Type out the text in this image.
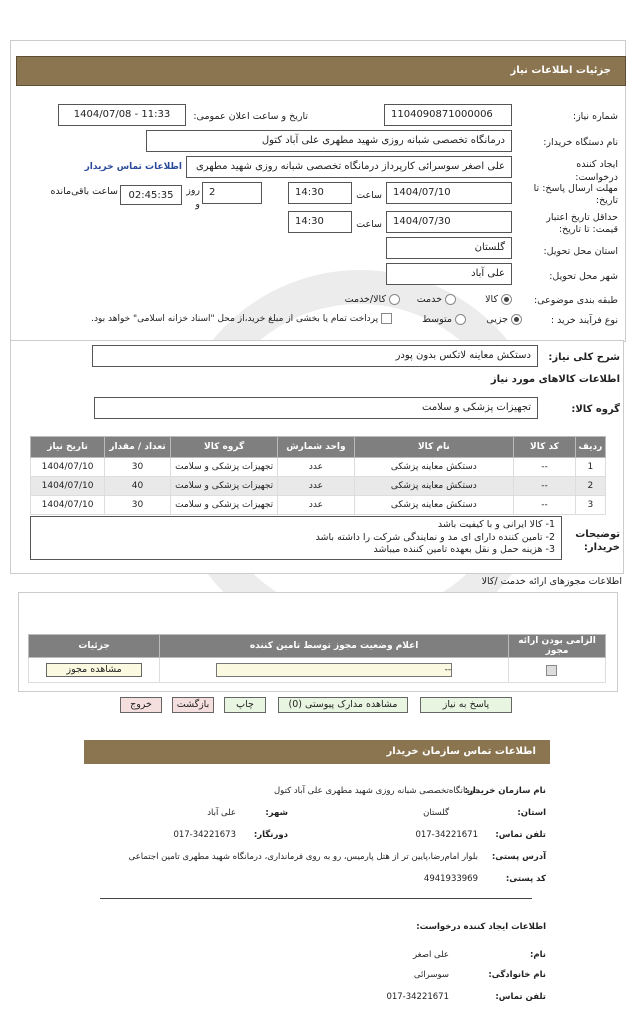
جزئیات اطلاعات نیاز
شماره نیاز:
1104090871000006
تاریخ و ساعت اعلان عمومی:
1404/07/08 - 11:33
نام دستگاه خریدار:
درمانگاه تخصصی شبانه روزی شهید مطهری علی آباد کتول
ایجاد کننده درخواست:
علی اصغر سوسرائی کارپرداز درمانگاه تخصصی شبانه روزی شهید مطهری
اطلاعات تماس خریدار
مهلت ارسال پاسخ: تا تاریخ:
1404/07/10
ساعت
14:30
2
روز و
02:45:35
ساعت باقی‌مانده
حداقل تاریخ اعتبار قیمت: تا تاریخ:
1404/07/30
ساعت
14:30
استان محل تحویل:
گلستان
شهر محل تحویل:
علی آباد
طبقه بندی موضوعی:
کالا
خدمت
کالا/خدمت
نوع فرآیند خرید :
جزیی
متوسط
پرداخت تمام یا بخشی از مبلغ خرید،از محل "اسناد خزانه اسلامی" خواهد بود.
شرح کلی نیاز:
دستکش معاینه لاتکس بدون پودر
اطلاعات کالاهای مورد نیاز
گروه کالا:
تجهیزات پزشکی و سلامت
ردیف	کد کالا	نام کالا	واحد شمارش	گروه کالا	تعداد / مقدار	تاریخ نیاز
1	--	دستکش معاینه پزشکی	عدد	تجهیزات پزشکی و سلامت	30	1404/07/10
2	--	دستکش معاینه پزشکی	عدد	تجهیزات پزشکی و سلامت	40	1404/07/10
3	--	دستکش معاینه پزشکی	عدد	تجهیزات پزشکی و سلامت	30	1404/07/10
توضیحات خریدار:
1- کالا ایرانی و با کیفیت باشد
2- تامین کننده دارای ای مد و نمایندگی شرکت را داشته باشد
3- هزینه حمل و نقل بعهده تامین کننده میباشد
اطلاعات مجوزهای ارائه خدمت /کالا
الزامی بودن ارائه مجوز	اعلام وضعیت مجوز توسط تامین کننده	جزئیات

	--	مشاهده مجوز
پاسخ به نیاز
مشاهده مدارک پیوستی (0)
چاپ
بازگشت
خروج
اطلاعات تماس سازمان خریدار
نام سازمان خریدار:
درمانگاه‌تخصصی شبانه روزی شهید مطهری علی آباد کتول
استان:
گلستان
شهر:
علی آباد
تلفن تماس:
017-34221671
دورنگار:
017-34221673
آدرس پستی:
بلوار امام‌رضا،پایین تر از هتل پارمیس، رو به روی فرمانداری، درمانگاه شهید مطهری تامین اجتماعی
کد پستی:
4941933969
اطلاعات ایجاد کننده درخواست:
نام:
علی اصغر
نام خانوادگی:
سوسرائی
تلفن تماس:
017-34221671
